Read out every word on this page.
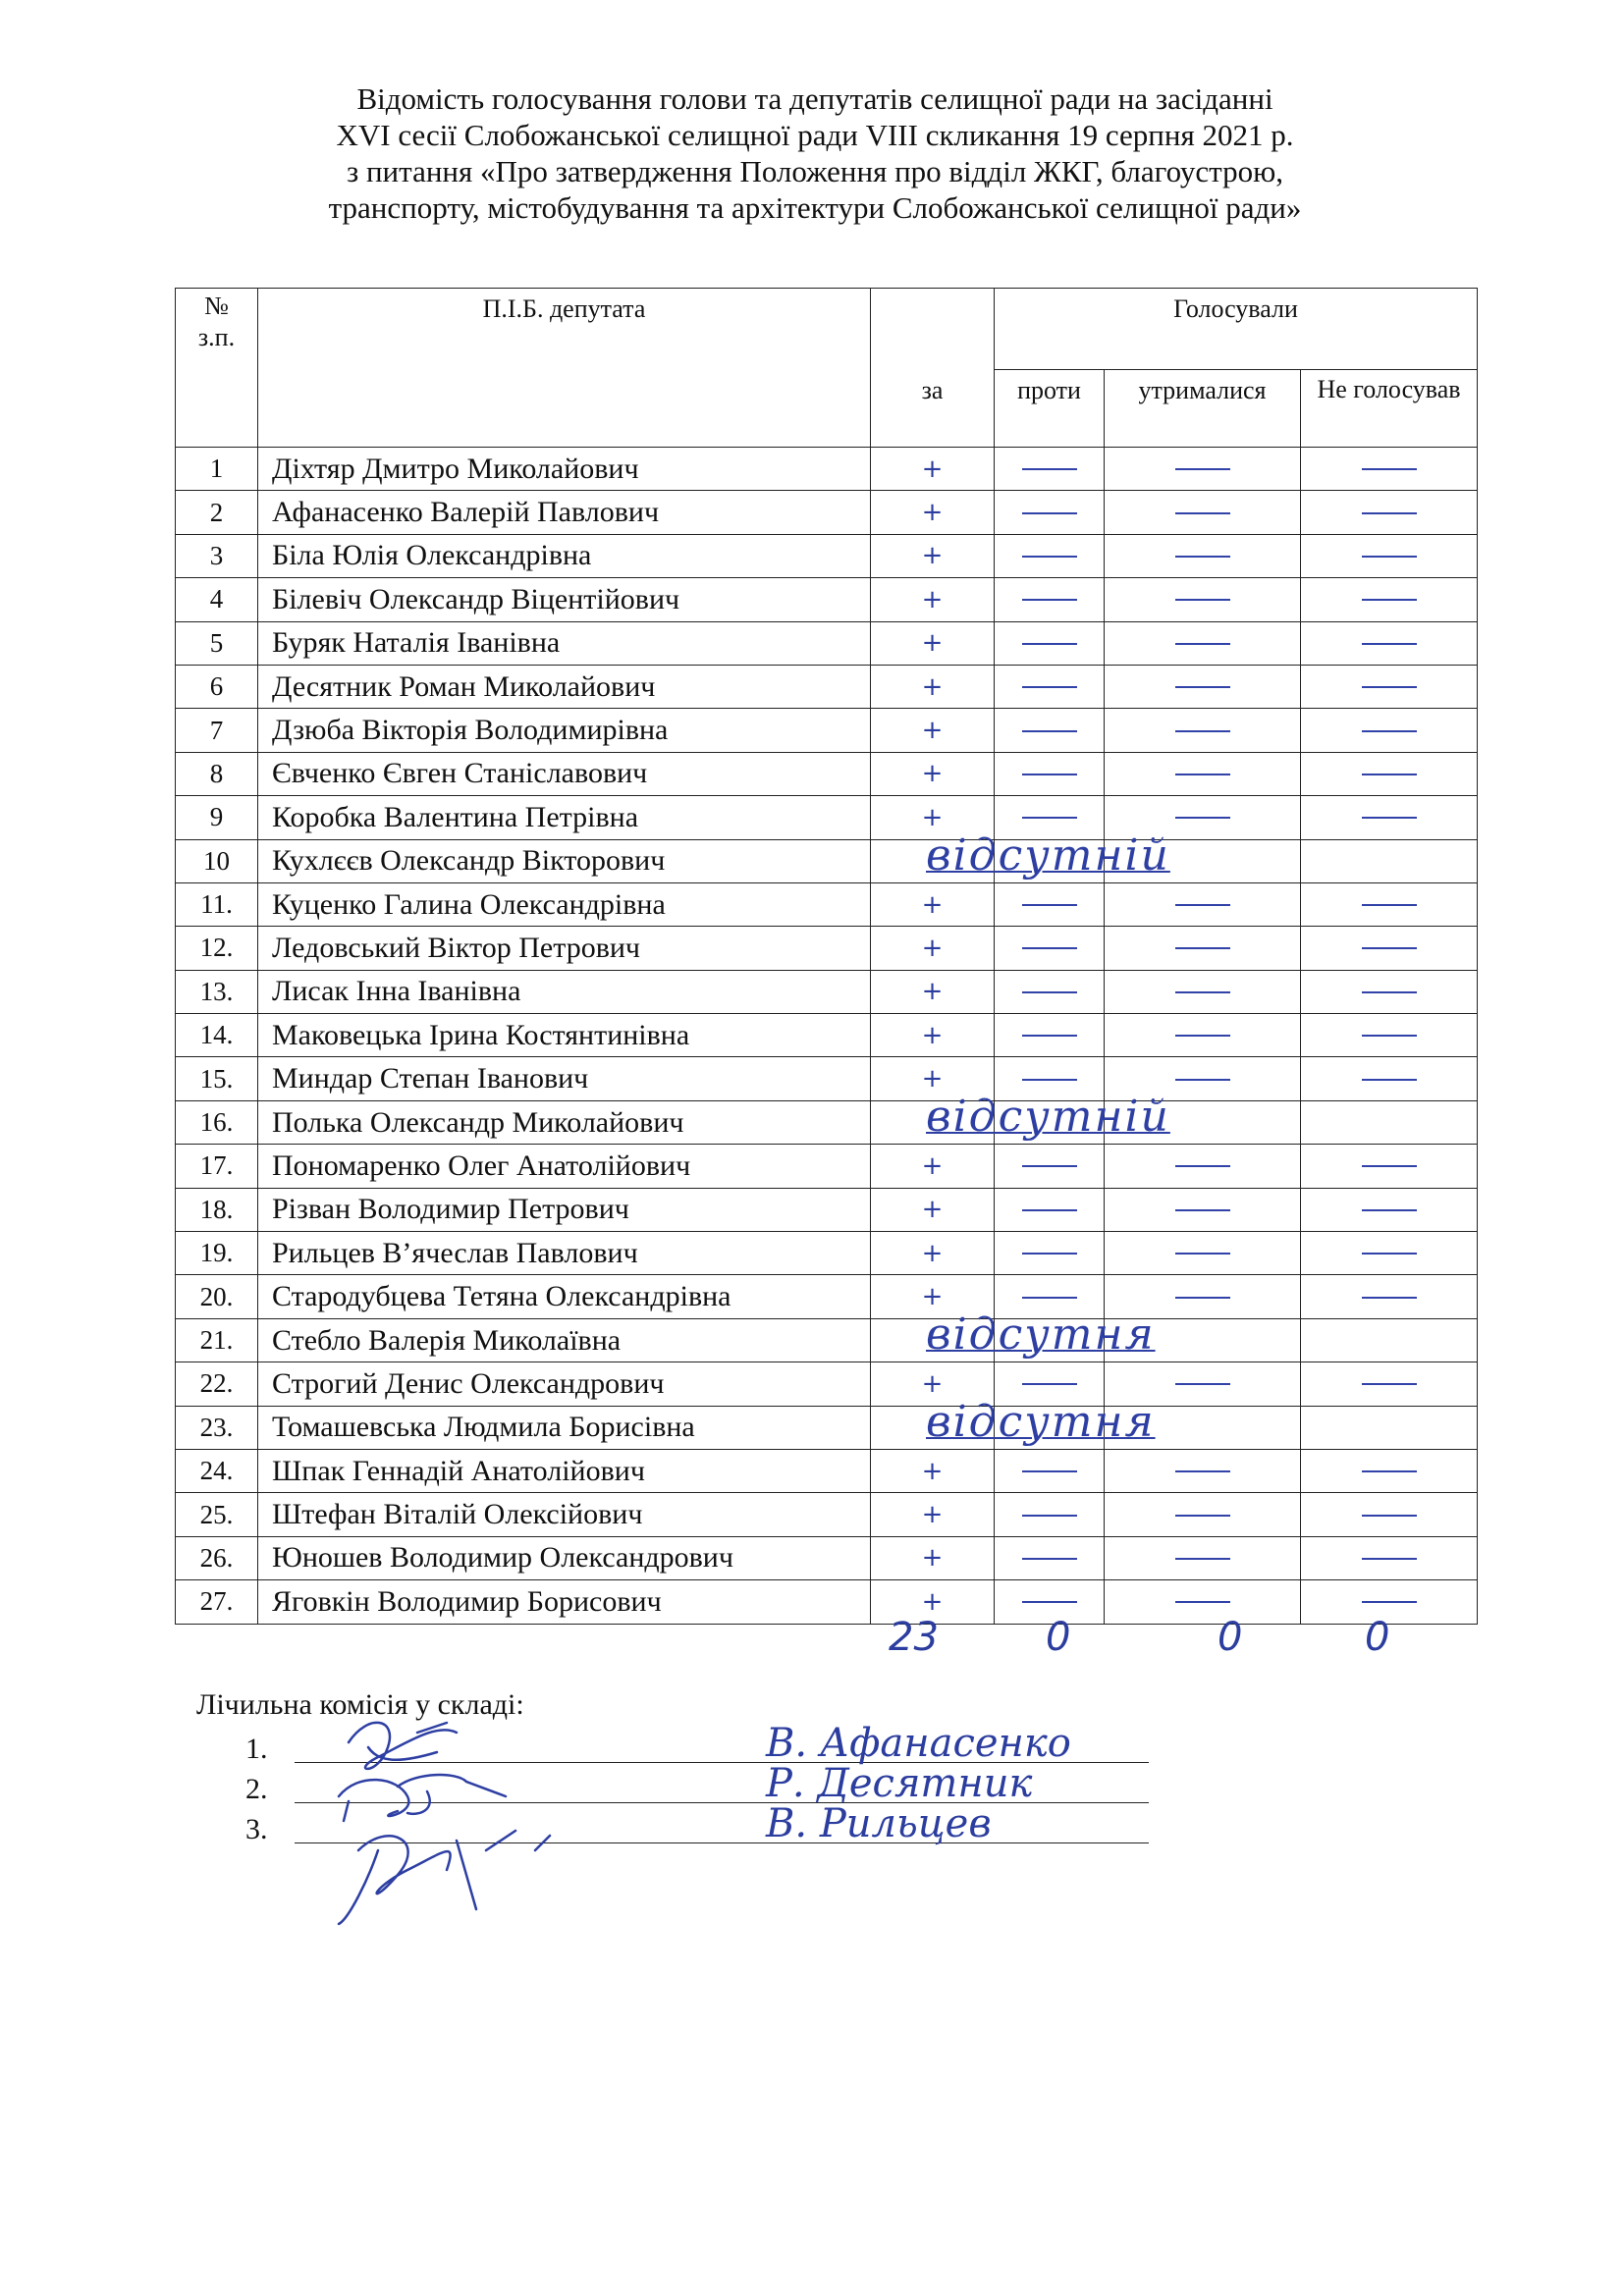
Відомість голосування голови та депутатів селищної ради на засіданні
XVI сесії Слобожанської селищної ради VIII скликання 19 серпня 2021 р.
з питання «Про затвердження Положення про відділ ЖКГ, благоустрою,
транспорту, містобудування та архітектури Слобожанської селищної ради»
№ з.п.	П.І.Б. депутата		Голосували		
		за	проти	утрималися	Не голосував

1	Діхтяр Дмитро Миколайович	+			
2	Афанасенко Валерій Павлович	+			
3	Біла Юлія Олександрівна	+			
4	Білевіч Олександр Віцентійович	+			
5	Буряк Наталія Іванівна	+			
6	Десятник Роман Миколайович	+			
7	Дзюба Вікторія Володимирівна	+			
8	Євченко Євген Станіславович	+			
9	Коробка Валентина Петрівна	+			
10	Кухлєєв Олександр Вікторович		відсутній		

11.	Куценко Галина Олександрівна	+			
12.	Ледовський Віктор Петрович	+			
13.	Лисак Інна Іванівна	+			
14.	Маковецька Ірина Костянтинівна	+			
15.	Миндар Степан Іванович	+			
16.	Полька Олександр Миколайович		відсутній		

17.	Пономаренко Олег Анатолійович	+			
18.	Різван Володимир Петрович	+			
19.	Рильцев В’ячеслав Павлович	+			
20.	Стародубцева Тетяна Олександрівна	+			
21.	Стебло Валерія Миколаївна		відсутня		

22.	Строгий Денис Олександрович	+			
23.	Томашевська Людмила Борисівна		відсутня		

24.	Шпак Геннадій Анатолійович	+			
25.	Штефан Віталій Олексійович	+			
26.	Юношев Володимир Олександрович	+			
27.	Яговкін Володимир Борисович	+			
23	0	0	0
Лічильна комісія у складі:
1.	В. Афанасенко
2.	Р. Десятник
3.	В. Рильцев
